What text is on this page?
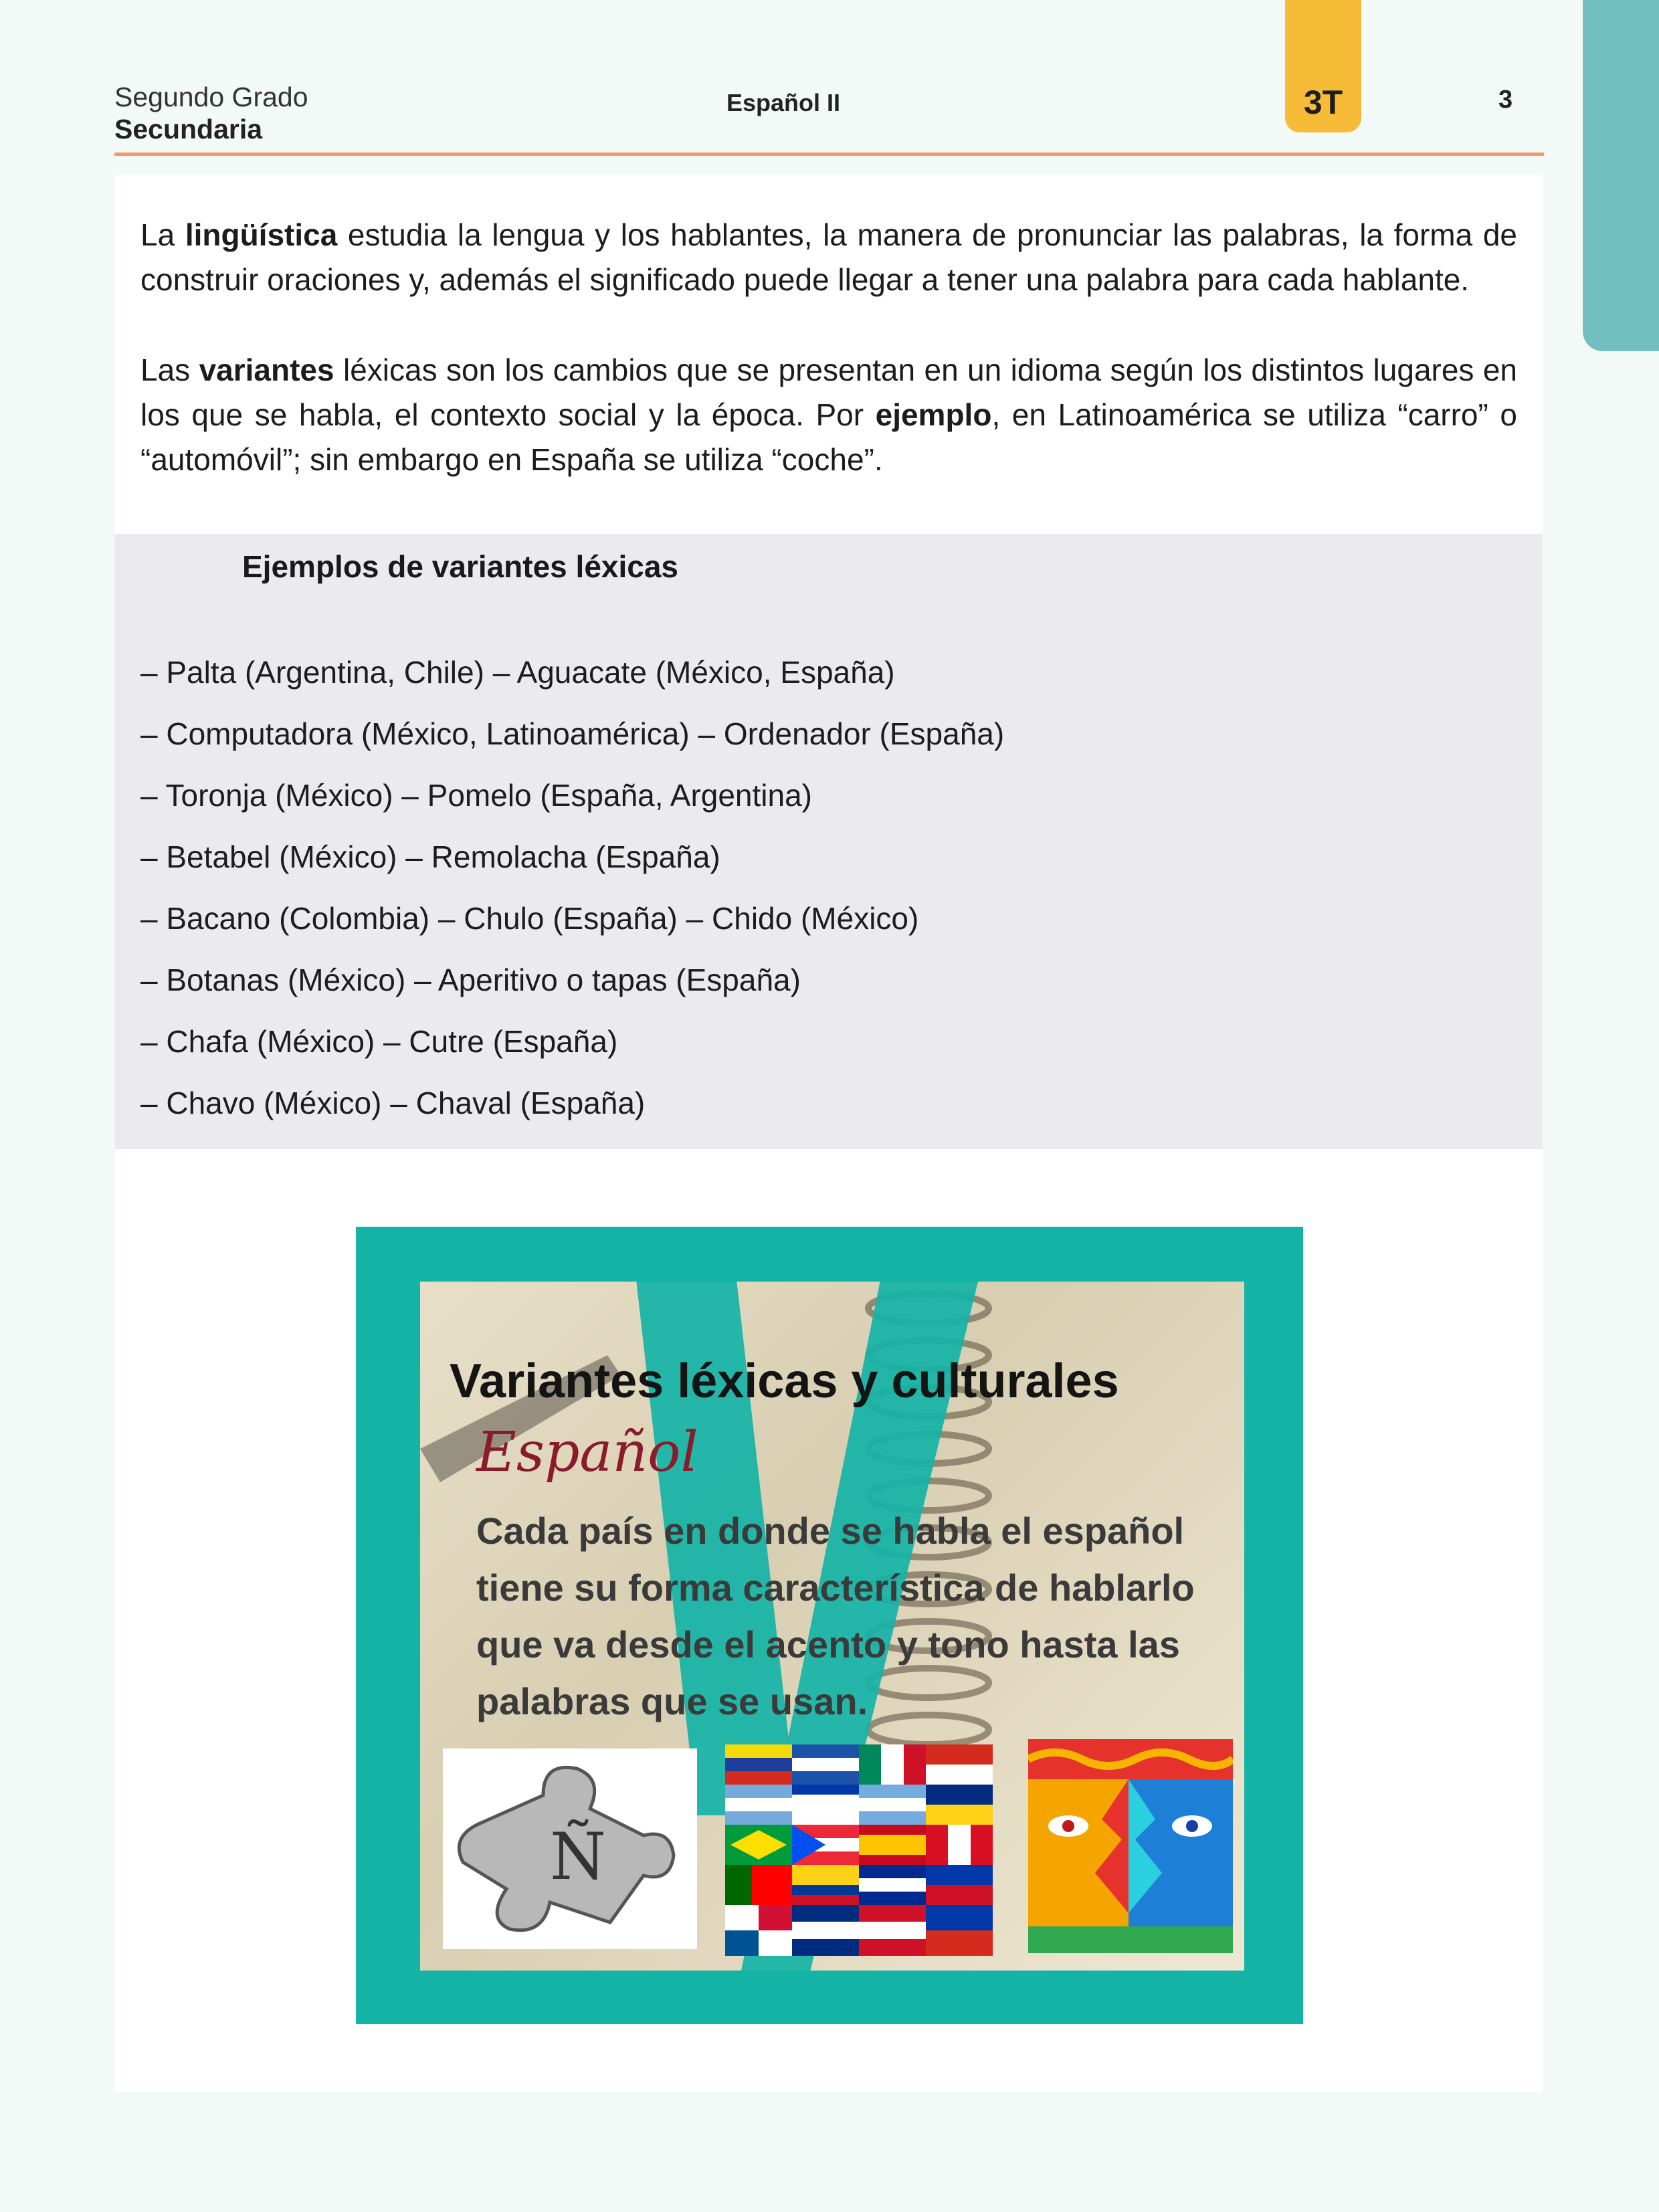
3T
Segundo Grado
Secundaria
Español II	3

La lingüística estudia la lengua y los hablantes, la manera de pronunciar las palabras, la forma de construir oraciones y, además el significado puede llegar a tener una palabra para cada hablante.

Las variantes léxicas son los cambios que se presentan en un idioma según los distintos lugares en los que se habla, el contexto social y la época. Por ejemplo, en Latinoamérica se utiliza “carro” o “automóvil”; sin embargo en España se utiliza “coche”.

Ejemplos de variantes léxicas
– Palta (Argentina, Chile) – Aguacate (México, España)
– Computadora (México, Latinoamérica) – Ordenador (España)
– Toronja (México) – Pomelo (España, Argentina)
– Betabel (México) – Remolacha (España)
– Bacano (Colombia) – Chulo (España) – Chido (México)
– Botanas (México) – Aperitivo o tapas (España)
– Chafa (México) – Cutre (España)
– Chavo (México) – Chaval (España)
Variantes léxicas y culturales
Español
Cada país en donde se habla el español tiene su forma característica de hablarlo que va desde el acento y tono hasta las palabras que se usan.
Ñ
